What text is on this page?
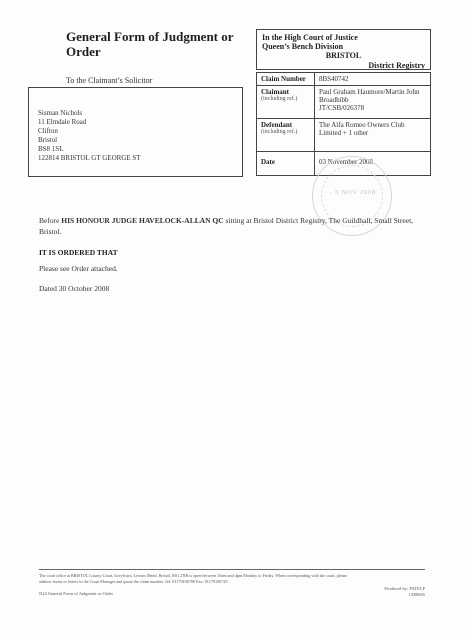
General Form of Judgment or Order
To the Claimant’s Solicitor
Sisman Nichols
11 Elmdale Road
Clifton
Bristol
BS8 1SL
122814 BRISTOL GT GEORGE ST
In the High Court of Justice
Queen’s Bench Division
BRISTOL
District Registry
Claim Number 8BS40742
Claimant
(including ref.)
Paul Graham Haumore/Martin John
Broadhibb
JT/CSB/026378
Defendant
(including ref.)
The Alfa Romeo Owners Club
Limited + 1 other
Date	03 November 2008
- 5 NOV 2008
Before HIS HONOUR JUDGE HAVELOCK-ALLAN QC sitting at Bristol District Registry, The Guildhall, Small Street, Bristol.
IT IS ORDERED THAT
Please see Order attached.
Dated 30 October 2008
The court office at BRISTOL County Court, Greyfriars, Lewins Mead, Bristol, BS1 2NR is open between 10am and 4pm Monday to Friday. When corresponding with the court, please
address forms or letters to the Court Manager and quote the claim number. Tel: 01179106700 Fax: 01179106729
N24 General Form of Judgment or Order
Produced by: PATELP
CHR065
